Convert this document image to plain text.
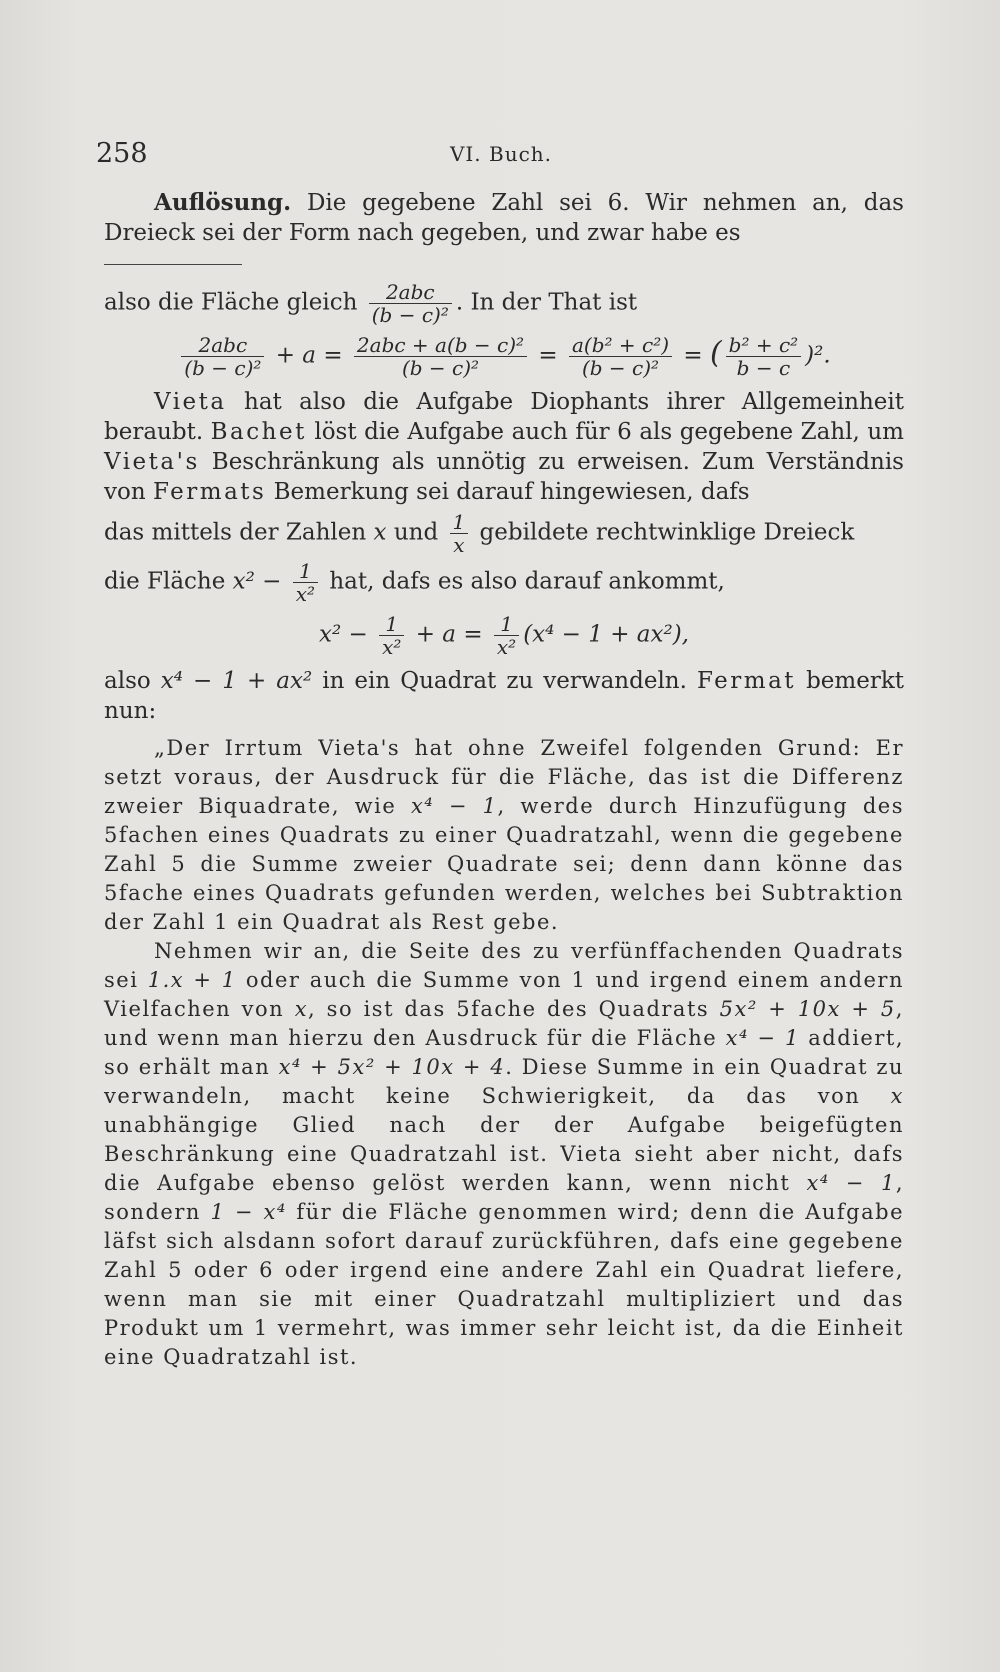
258	VI. Buch.

Auflösung. Die gegebene Zahl sei 6. Wir nehmen an, das Dreieck sei der Form nach gegeben, und zwar habe es

also die Fläche gleich $\frac{\text{2abc}}{\text{(b − c)²}}$ . In der That ist

$\frac{\text{2abc}}{\text{(b − c)²}} + a = \frac{\text{2abc + a(b − c)²}}{\text{(b − c)²}} = \frac{\text{a(b² + c²)}}{\text{(b − c)²}}$ = ( $\frac{\text{b² + c²}}{b - c} )^2$.

Vieta hat also die Aufgabe Diophants ihrer Allgemeinheit beraubt. Bachet löst die Aufgabe auch für 6 als gegebene Zahl, um Vieta's Beschränkung als unnötig zu erweisen. Zum Verständnis von Fermats Bemerkung sei darauf hingewiesen, dafs

das mittels der Zahlen x und $\frac{1}{x}$ gebildete rechtwinklige Dreieck

die Fläche $x^2 - \frac{1}{\text{x²}}$ hat, dafs es also darauf ankommt,

$x^2 - \frac{1}{\text{x²}} + a = \frac{1}{\text{x²}} (x^4 - 1 + ax^2)$,

also x⁴ − 1 + ax² in ein Quadrat zu verwandeln. Fermat bemerkt nun:

„Der Irrtum Vieta's hat ohne Zweifel folgenden Grund: Er setzt voraus, der Ausdruck für die Fläche, das ist die Differenz zweier Biquadrate, wie x⁴ − 1, werde durch Hinzufügung des 5fachen eines Quadrats zu einer Quadratzahl, wenn die gegebene Zahl 5 die Summe zweier Quadrate sei; denn dann könne das 5fache eines Quadrats gefunden werden, welches bei Subtraktion der Zahl 1 ein Quadrat als Rest gebe.

Nehmen wir an, die Seite des zu verfünffachenden Quadrats sei 1.x + 1 oder auch die Summe von 1 und irgend einem andern Vielfachen von x, so ist das 5fache des Quadrats 5x² + 10x + 5, und wenn man hierzu den Ausdruck für die Fläche x⁴ − 1 addiert, so erhält man x⁴ + 5x² + 10x + 4. Diese Summe in ein Quadrat zu verwandeln, macht keine Schwierigkeit, da das von x unabhängige Glied nach der der Aufgabe beigefügten Beschränkung eine Quadratzahl ist. Vieta sieht aber nicht, dafs die Aufgabe ebenso gelöst werden kann, wenn nicht x⁴ − 1, sondern 1 − x⁴ für die Fläche genommen wird; denn die Aufgabe läfst sich alsdann sofort darauf zurückführen, dafs eine gegebene Zahl 5 oder 6 oder irgend eine andere Zahl ein Quadrat liefere, wenn man sie mit einer Quadratzahl multipliziert und das Produkt um 1 vermehrt, was immer sehr leicht ist, da die Einheit eine Quadratzahl ist.
